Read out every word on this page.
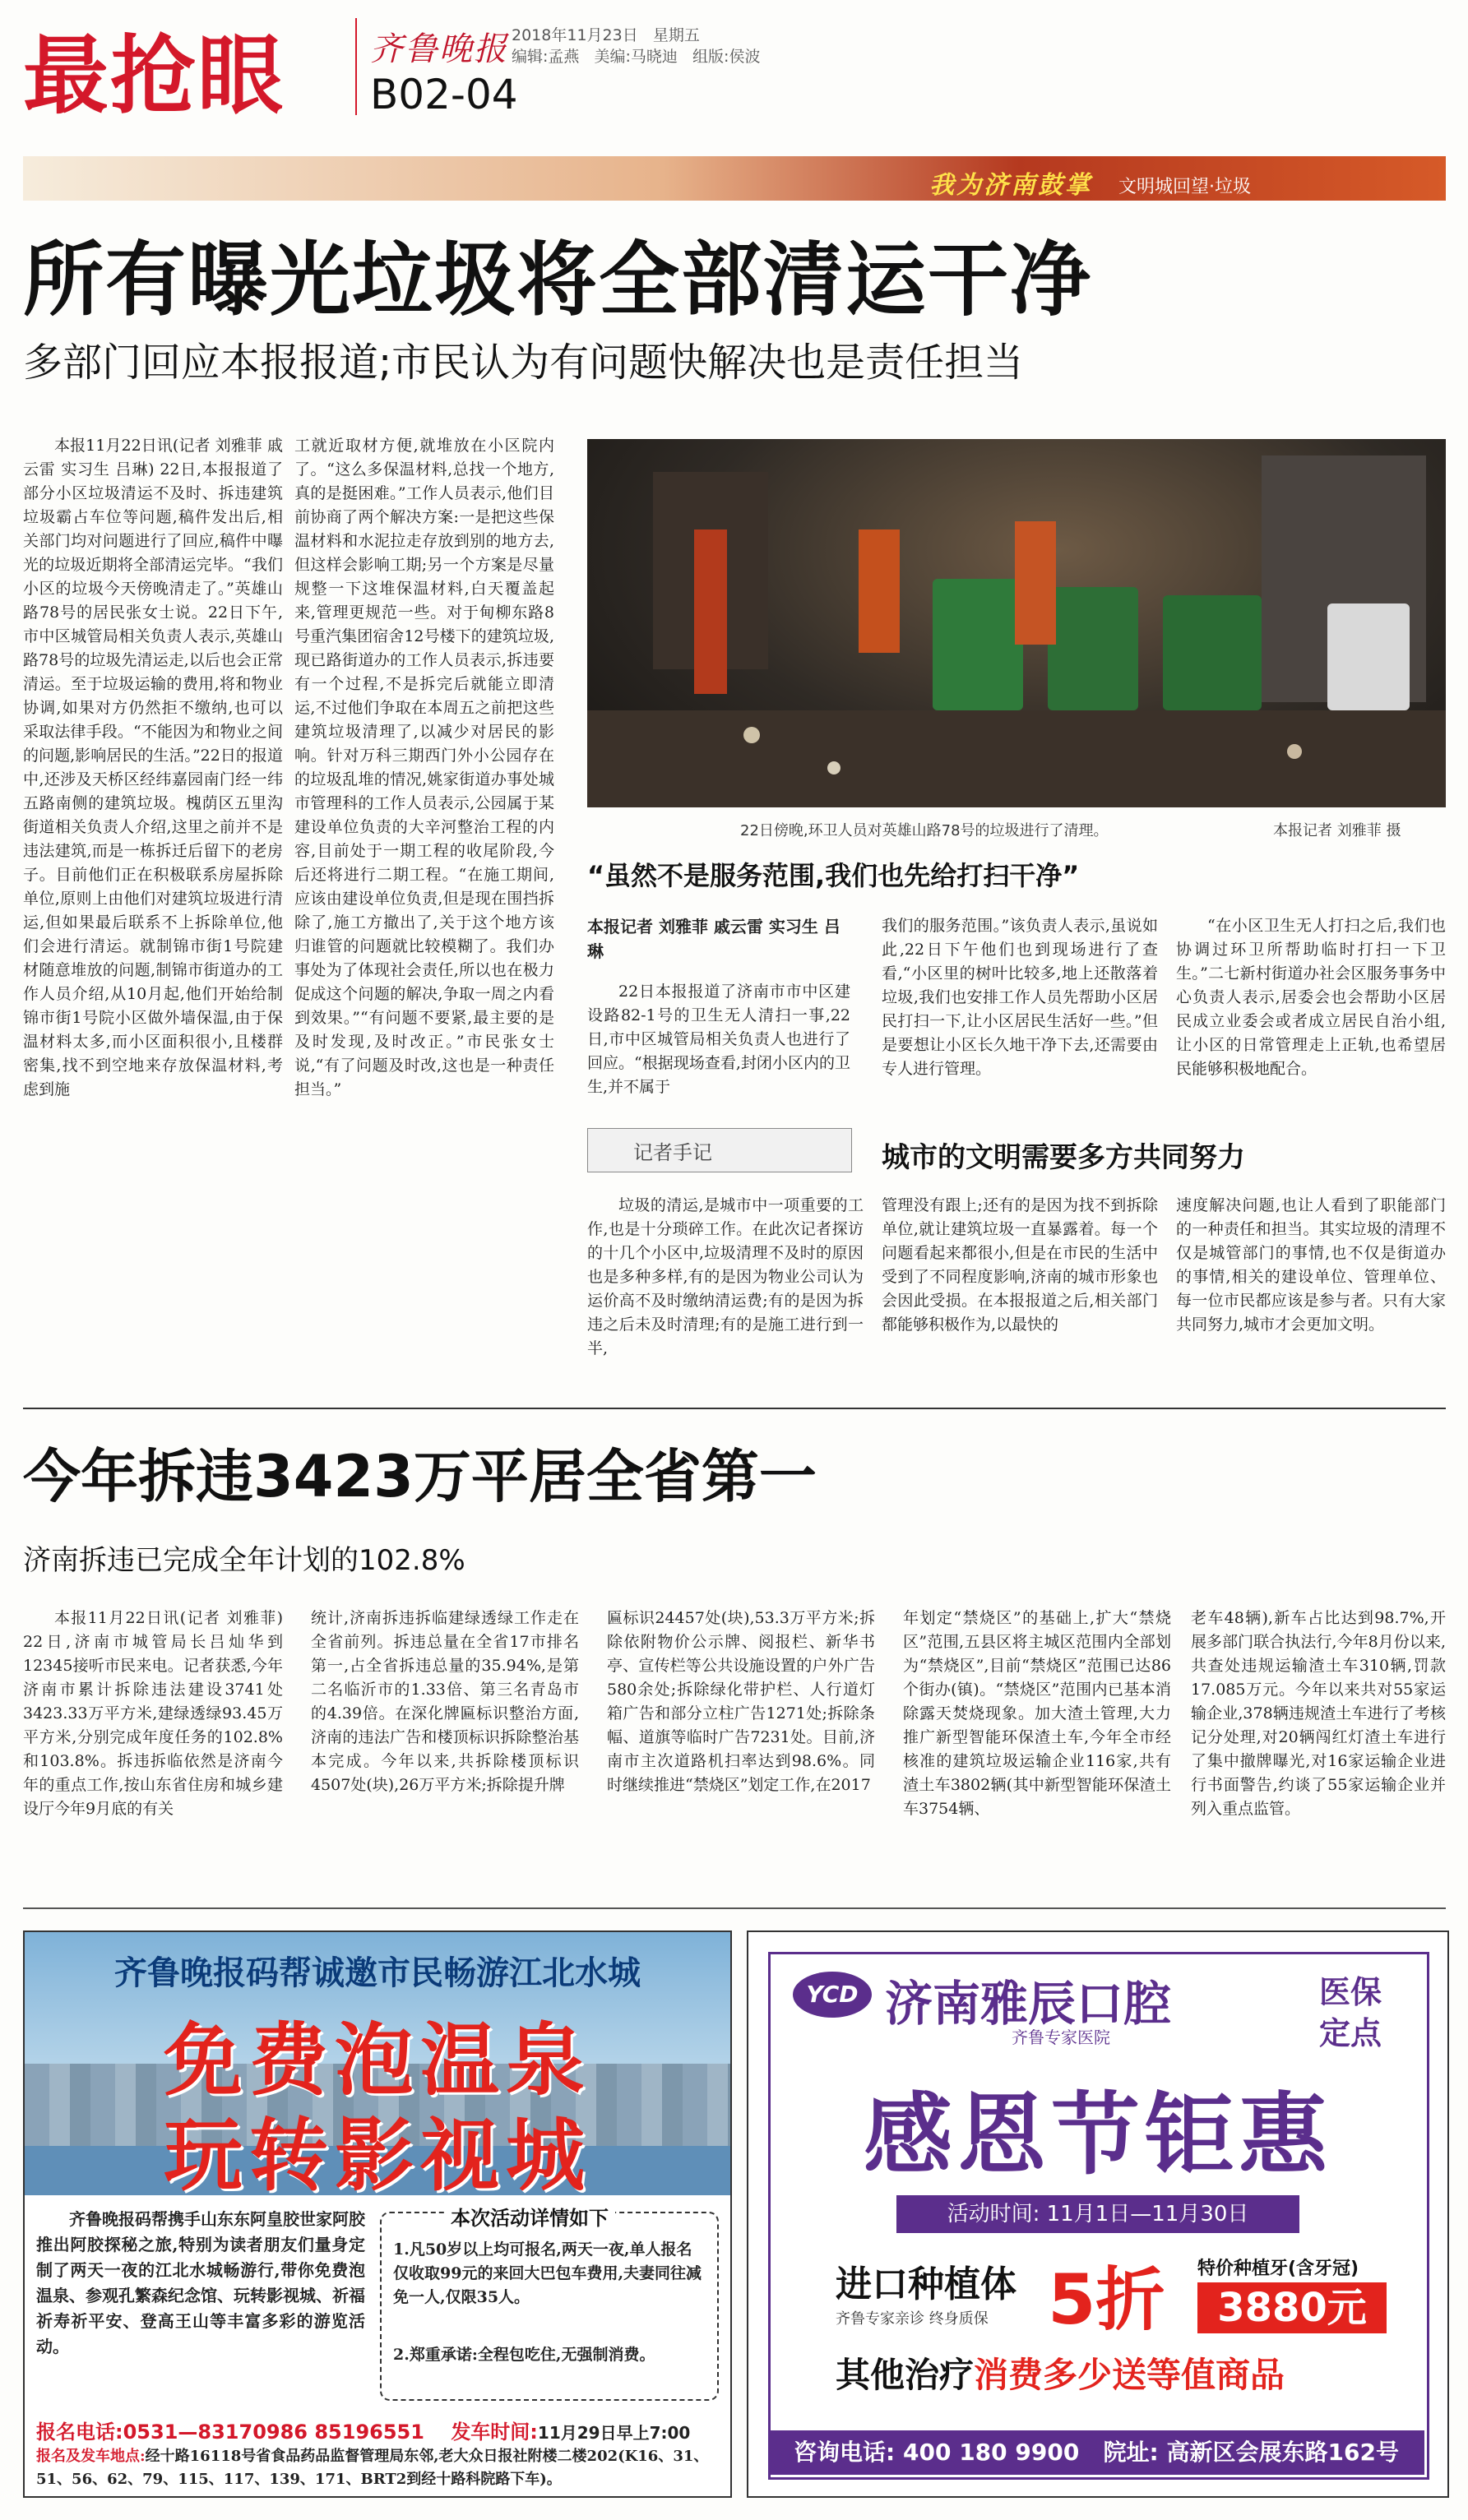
最抢眼	齐鲁晚报
B02-04
2018年11月23日 星期五
编辑:孟燕   美编:马晓迪   组版:侯波
我为济南鼓掌 文明城回望·垃圾
所有曝光垃圾将全部清运干净
多部门回应本报报道;市民认为有问题快解决也是责任担当

本报11月22日讯(记者 刘雅菲 戚云雷 实习生 吕琳) 22日,本报报道了部分小区垃圾清运不及时、拆违建筑垃圾霸占车位等问题,稿件发出后,相关部门均对问题进行了回应,稿件中曝光的垃圾近期将全部清运完毕。“我们小区的垃圾今天傍晚清走了。”英雄山路78号的居民张女士说。22日下午,市中区城管局相关负责人表示,英雄山路78号的垃圾先清运走,以后也会正常清运。至于垃圾运输的费用,将和物业协调,如果对方仍然拒不缴纳,也可以采取法律手段。“不能因为和物业之间的问题,影响居民的生活。”22日的报道中,还涉及天桥区经纬嘉园南门经一纬五路南侧的建筑垃圾。槐荫区五里沟街道相关负责人介绍,这里之前并不是违法建筑,而是一栋拆迁后留下的老房子。目前他们正在积极联系房屋拆除单位,原则上由他们对建筑垃圾进行清运,但如果最后联系不上拆除单位,他们会进行清运。就制锦市街1号院建材随意堆放的问题,制锦市街道办的工作人员介绍,从10月起,他们开始给制锦市街1号院小区做外墙保温,由于保温材料太多,而小区面积很小,且楼群密集,找不到空地来存放保温材料,考虑到施

工就近取材方便,就堆放在小区院内了。“这么多保温材料,总找一个地方,真的是挺困难。”工作人员表示,他们目前协商了两个解决方案:一是把这些保温材料和水泥拉走存放到别的地方去,但这样会影响工期;另一个方案是尽量规整一下这堆保温材料,白天覆盖起来,管理更规范一些。对于甸柳东路8号重汽集团宿舍12号楼下的建筑垃圾,现已路街道办的工作人员表示,拆违要有一个过程,不是拆完后就能立即清运,不过他们争取在本周五之前把这些建筑垃圾清理了,以减少对居民的影响。针对万科三期西门外小公园存在的垃圾乱堆的情况,姚家街道办事处城市管理科的工作人员表示,公园属于某建设单位负责的大辛河整治工程的内容,目前处于一期工程的收尾阶段,今后还将进行二期工程。“在施工期间,应该由建设单位负责,但是现在围挡拆除了,施工方撤出了,关于这个地方该归谁管的问题就比较模糊了。我们办事处为了体现社会责任,所以也在极力促成这个问题的解决,争取一周之内看到效果。”“有问题不要紧,最主要的是及时发现,及时改正。”市民张女士说,“有了问题及时改,这也是一种责任担当。”

22日傍晚,环卫人员对英雄山路78号的垃圾进行了清理。	本报记者 刘雅菲 摄
“虽然不是服务范围,我们也先给打扫干净”
本报记者 刘雅菲 戚云雷 实习生 吕琳

22日本报报道了济南市市中区建设路82-1号的卫生无人清扫一事,22日,市中区城管局相关负责人也进行了回应。“根据现场查看,封闭小区内的卫生,并不属于

我们的服务范围。”该负责人表示,虽说如此,22日下午他们也到现场进行了查看,“小区里的树叶比较多,地上还散落着垃圾,我们也安排工作人员先帮助小区居民打扫一下,让小区居民生活好一些。”但是要想让小区长久地干净下去,还需要由专人进行管理。

“在小区卫生无人打扫之后,我们也协调过环卫所帮助临时打扫一下卫生。”二七新村街道办社会区服务事务中心负责人表示,居委会也会帮助小区居民成立业委会或者成立居民自治小组,让小区的日常管理走上正轨,也希望居民能够积极地配合。

记者手记	城市的文明需要多方共同努力

垃圾的清运,是城市中一项重要的工作,也是十分琐碎工作。在此次记者探访的十几个小区中,垃圾清理不及时的原因也是多种多样,有的是因为物业公司认为运价高不及时缴纳清运费;有的是因为拆违之后未及时清理;有的是施工进行到一半,

管理没有跟上;还有的是因为找不到拆除单位,就让建筑垃圾一直暴露着。每一个问题看起来都很小,但是在市民的生活中受到了不同程度影响,济南的城市形象也会因此受损。在本报报道之后,相关部门都能够积极作为,以最快的

速度解决问题,也让人看到了职能部门的一种责任和担当。其实垃圾的清理不仅是城管部门的事情,也不仅是街道办的事情,相关的建设单位、管理单位、每一位市民都应该是参与者。只有大家共同努力,城市才会更加文明。

今年拆违3423万平居全省第一
济南拆违已完成全年计划的102.8%

本报11月22日讯(记者 刘雅菲) 22日,济南市城管局长吕灿华到12345接听市民来电。记者获悉,今年济南市累计拆除违法建设3741处3423.33万平方米,建绿透绿93.45万平方米,分别完成年度任务的102.8%和103.8%。拆违拆临依然是济南今年的重点工作,按山东省住房和城乡建设厅今年9月底的有关

统计,济南拆违拆临建绿透绿工作走在全省前列。拆违总量在全省17市排名第一,占全省拆违总量的35.94%,是第二名临沂市的1.33倍、第三名青岛市的4.39倍。在深化牌匾标识整治方面,济南的违法广告和楼顶标识拆除整治基本完成。今年以来,共拆除楼顶标识4507处(块),26万平方米;拆除提升牌

匾标识24457处(块),53.3万平方米;拆除依附物价公示牌、阅报栏、新华书亭、宣传栏等公共设施设置的户外广告580余处;拆除绿化带护栏、人行道灯箱广告和部分立柱广告1271处;拆除条幅、道旗等临时广告7231处。目前,济南市主次道路机扫率达到98.6%。同时继续推进“禁烧区”划定工作,在2017

年划定“禁烧区”的基础上,扩大“禁烧区”范围,五县区将主城区范围内全部划为“禁烧区”,目前“禁烧区”范围已达86个街办(镇)。“禁烧区”范围内已基本消除露天焚烧现象。加大渣土管理,大力推广新型智能环保渣土车,今年全市经核准的建筑垃圾运输企业116家,共有渣土车3802辆(其中新型智能环保渣土车3754辆、

老车48辆),新车占比达到98.7%,开展多部门联合执法行,今年8月份以来,共查处违规运输渣土车310辆,罚款17.085万元。今年以来共对55家运输企业,378辆违规渣土车进行了考核记分处理,对20辆闯红灯渣土车进行了集中撤牌曝光,对16家运输企业进行书面警告,约谈了55家运输企业并列入重点监管。

齐鲁晚报码帮诚邀市民畅游江北水城
免费泡温泉
玩转影视城
齐鲁晚报码帮携手山东东阿皇胶世家阿胶推出阿胶探秘之旅,特别为读者朋友们量身定制了两天一夜的江北水城畅游行,带你免费泡温泉、参观孔繁森纪念馆、玩转影视城、祈福祈寿祈平安、登高王山等丰富多彩的游览活动。
本次活动详情如下
1.凡50岁以上均可报名,两天一夜,单人报名仅收取99元的来回大巴包车费用,夫妻同往减免一人,仅限35人。
2.郑重承诺:全程包吃住,无强制消费。
报名电话:0531—83170986 85196551 发车时间:11月29日早上7:00
报名及发车地点:经十路16118号省食品药品监督管理局东邻,老大众日报社附楼二楼202(K16、31、51、56、62、79、115、117、139、171、BRT2到经十路科院路下车)。
YCD 济南雅辰口腔
齐鲁专家医院
医保
定点
感恩节钜惠
活动时间: 11月1日—11月30日
进口种植体
齐鲁专家亲诊 终身质保 5折 特价种植牙(含牙冠)
3880元
其他治疗消费多少送等值商品
咨询电话: 400 180 9900   院址: 高新区会展东路162号
